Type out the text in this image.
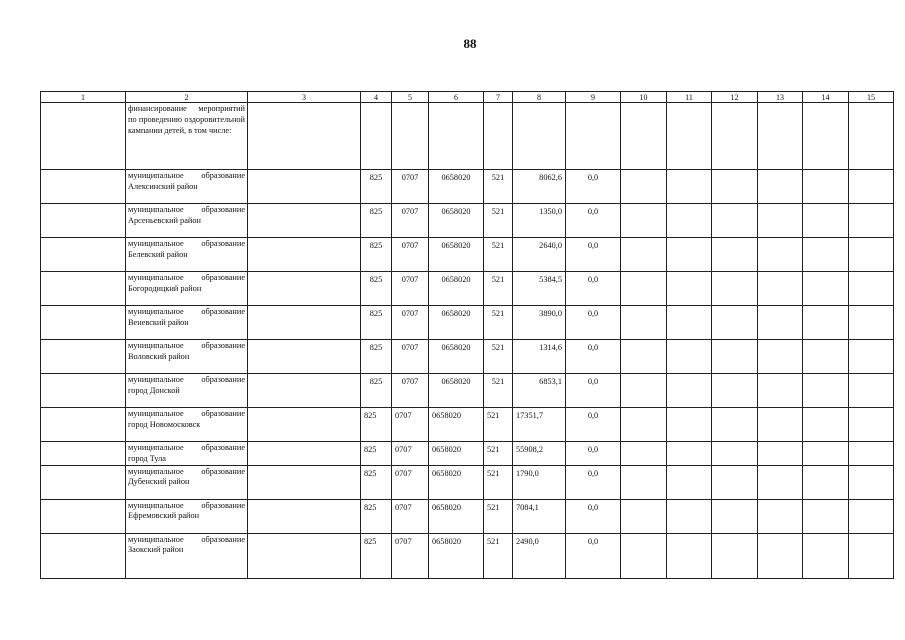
88
1	2	3	4	5	6	7	8	9	10	11	12	13	14	15
	финансирование мероприятий по проведению оздоровительной кампании детей, в том числе:													
	муниципальное образование Алексинский район		825	0707	0658020	521	8062,6	0,0						
	муниципальное образование Арсеньевский район		825	0707	0658020	521	1350,0	0,0						
	муниципальное образование Белевский район		825	0707	0658020	521	2640,0	0,0						
	муниципальное образование Богородицкий район		825	0707	0658020	521	5384,5	0,0						
	муниципальное образование Веневский район		825	0707	0658020	521	3890,0	0,0						
	муниципальное образование Воловский район		825	0707	0658020	521	1314,6	0,0						
	муниципальное образование город Донской		825	0707	0658020	521	6853,1	0,0						
	муниципальное образование город Новомосковск		825	0707	0658020	521	17351,7	0,0						
	муниципальное образование город Тула		825	0707	0658020	521	55908,2	0,0						
	муниципальное образование Дубенский район		825	0707	0658020	521	1790,0	0,0						
	муниципальное образование Ефремовский район		825	0707	0658020	521	7084,1	0,0						
	муниципальное образование Заокский район		825	0707	0658020	521	2490,0	0,0						
